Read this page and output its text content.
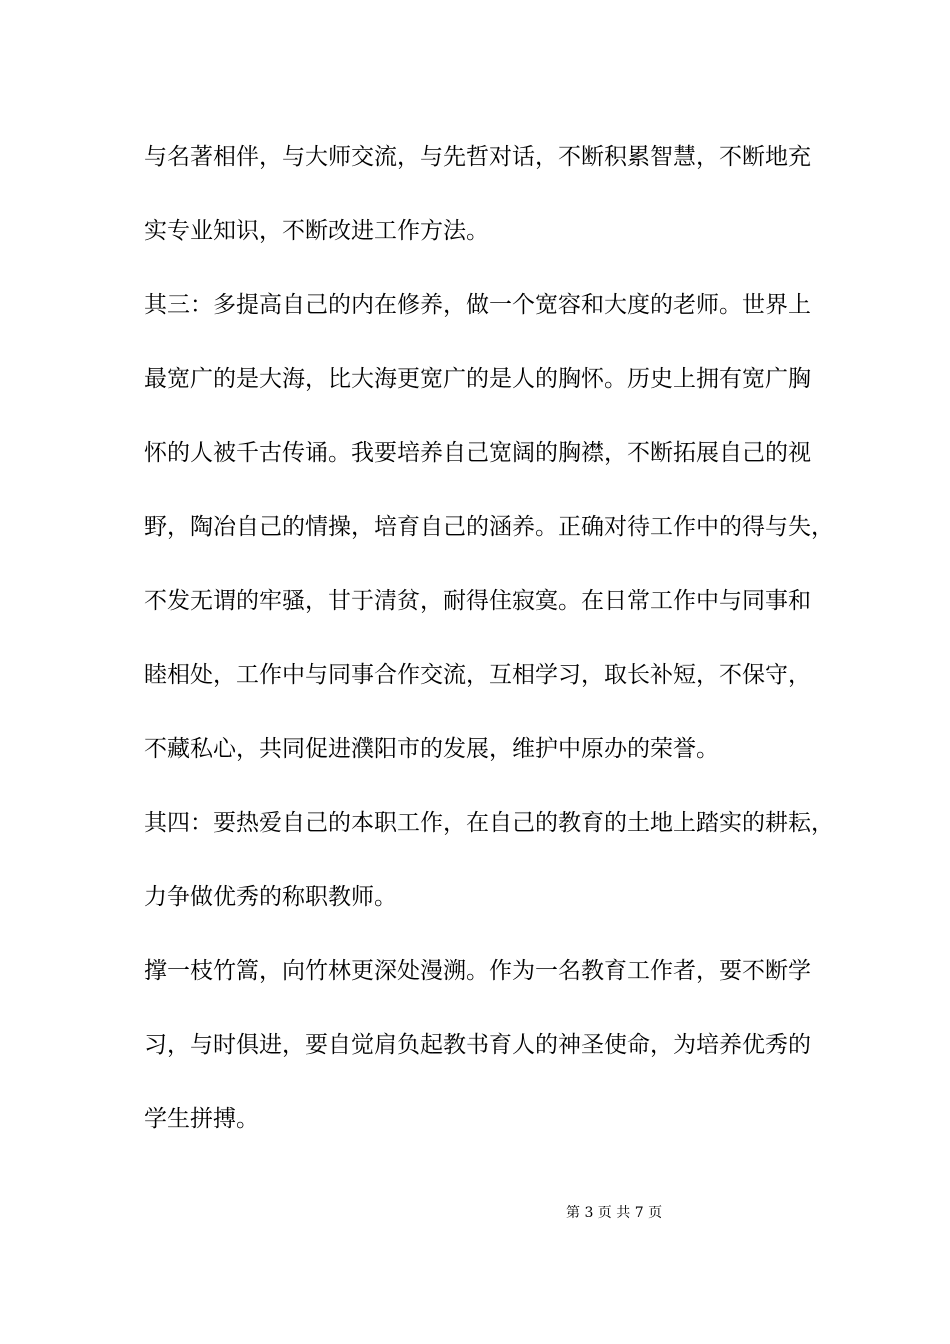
与名著相伴，与大师交流，与先哲对话，不断积累智慧，不断地充
实专业知识，不断改进工作方法。
其三：多提高自己的内在修养，做一个宽容和大度的老师。世界上
最宽广的是大海，比大海更宽广的是人的胸怀。历史上拥有宽广胸
怀的人被千古传诵。我要培养自己宽阔的胸襟，不断拓展自己的视
野，陶冶自己的情操，培育自己的涵养。正确对待工作中的得与失，
不发无谓的牢骚，甘于清贫，耐得住寂寞。在日常工作中与同事和
睦相处，工作中与同事合作交流，互相学习，取长补短，不保守，
不藏私心，共同促进濮阳市的发展，维护中原办的荣誉。
其四：要热爱自己的本职工作，在自己的教育的土地上踏实的耕耘，
力争做优秀的称职教师。
撑一枝竹篙，向竹林更深处漫溯。作为一名教育工作者，要不断学
习，与时俱进，要自觉肩负起教书育人的神圣使命，为培养优秀的
学生拼搏。
第 3 页 共 7 页
